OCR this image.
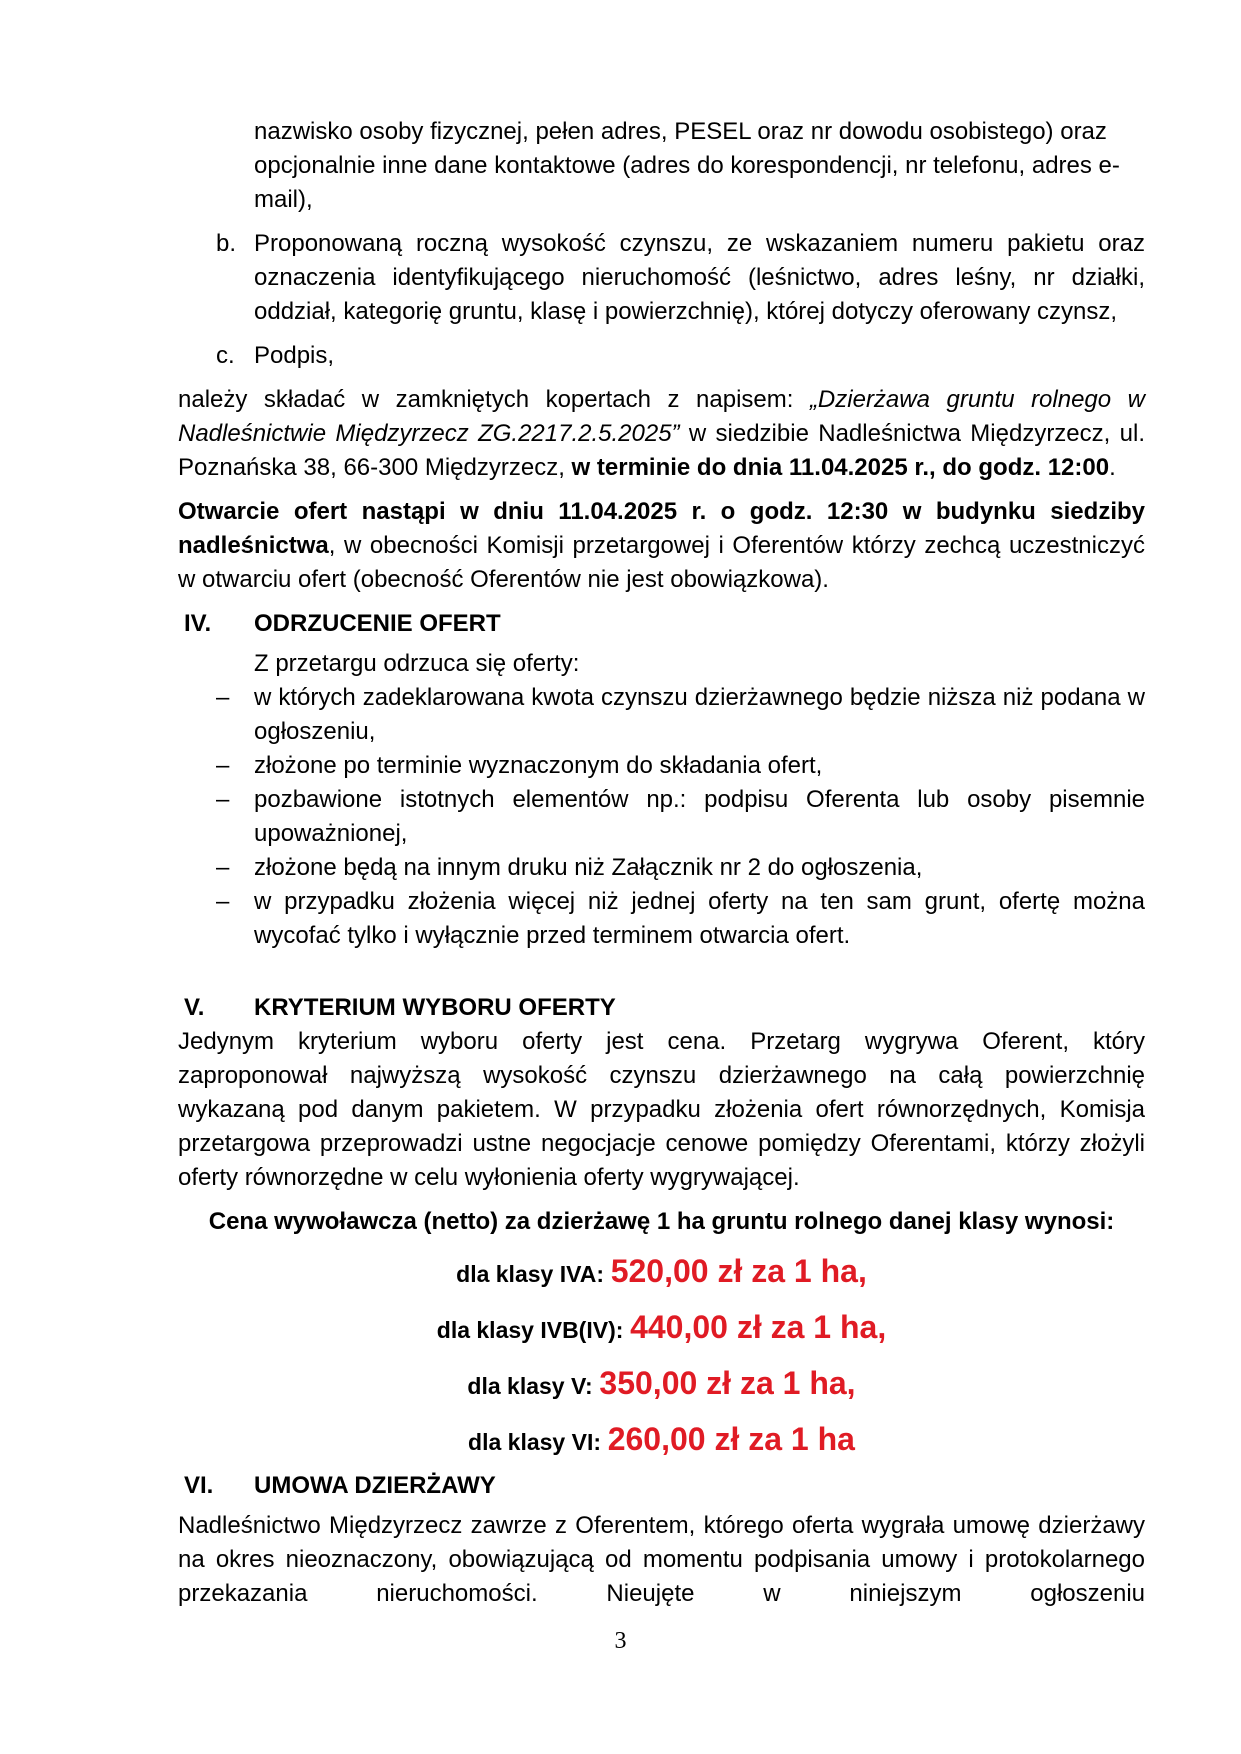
nazwisko osoby fizycznej, pełen adres, PESEL oraz nr dowodu osobistego) oraz

opcjonalnie inne dane kontaktowe (adres do korespondencji, nr telefonu, adres e-mail),

b. Proponowaną roczną wysokość czynszu, ze wskazaniem numeru pakietu oraz oznaczenia identyfikującego nieruchomość (leśnictwo, adres leśny, nr działki, oddział, kategorię gruntu, klasę i powierzchnię), której dotyczy oferowany czynsz,

c. Podpis,

należy składać w zamkniętych kopertach z napisem: „Dzierżawa gruntu rolnego w Nadleśnictwie Międzyrzecz ZG.2217.2.5.2025” w siedzibie Nadleśnictwa Międzyrzecz, ul. Poznańska 38, 66-300 Międzyrzecz, w terminie do dnia 11.04.2025 r., do godz. 12:00.

Otwarcie ofert nastąpi w dniu 11.04.2025 r. o godz. 12:30 w budynku siedziby nadleśnictwa, w obecności Komisji przetargowej i Oferentów którzy zechcą uczestniczyć w otwarciu ofert (obecność Oferentów nie jest obowiązkowa).

IV. ODRZUCENIE OFERT

Z przetargu odrzuca się oferty:

– w których zadeklarowana kwota czynszu dzierżawnego będzie niższa niż podana w ogłoszeniu,

– złożone po terminie wyznaczonym do składania ofert,

– pozbawione istotnych elementów np.: podpisu Oferenta lub osoby pisemnie upoważnionej,

– złożone będą na innym druku niż Załącznik nr 2 do ogłoszenia,

– w przypadku złożenia więcej niż jednej oferty na ten sam grunt, ofertę można wycofać tylko i wyłącznie przed terminem otwarcia ofert.

V. KRYTERIUM WYBORU OFERTY

Jedynym kryterium wyboru oferty jest cena. Przetarg wygrywa Oferent, który zaproponował najwyższą wysokość czynszu dzierżawnego na całą powierzchnię wykazaną pod danym pakietem. W przypadku złożenia ofert równorzędnych, Komisja przetargowa przeprowadzi ustne negocjacje cenowe pomiędzy Oferentami, którzy złożyli oferty równorzędne w celu wyłonienia oferty wygrywającej.

Cena wywoławcza (netto) za dzierżawę 1 ha gruntu rolnego danej klasy wynosi:

dla klasy IVA: 520,00 zł za 1 ha,
dla klasy IVB(IV): 440,00 zł za 1 ha,
dla klasy V: 350,00 zł za 1 ha,
dla klasy VI: 260,00 zł za 1 ha
VI. UMOWA DZIERŻAWY

Nadleśnictwo Międzyrzecz zawrze z Oferentem, którego oferta wygrała umowę dzierżawy na okres nieoznaczony, obowiązującą od momentu podpisania umowy i protokolarnego przekazania nieruchomości. Nieujęte w niniejszym ogłoszeniu

3
